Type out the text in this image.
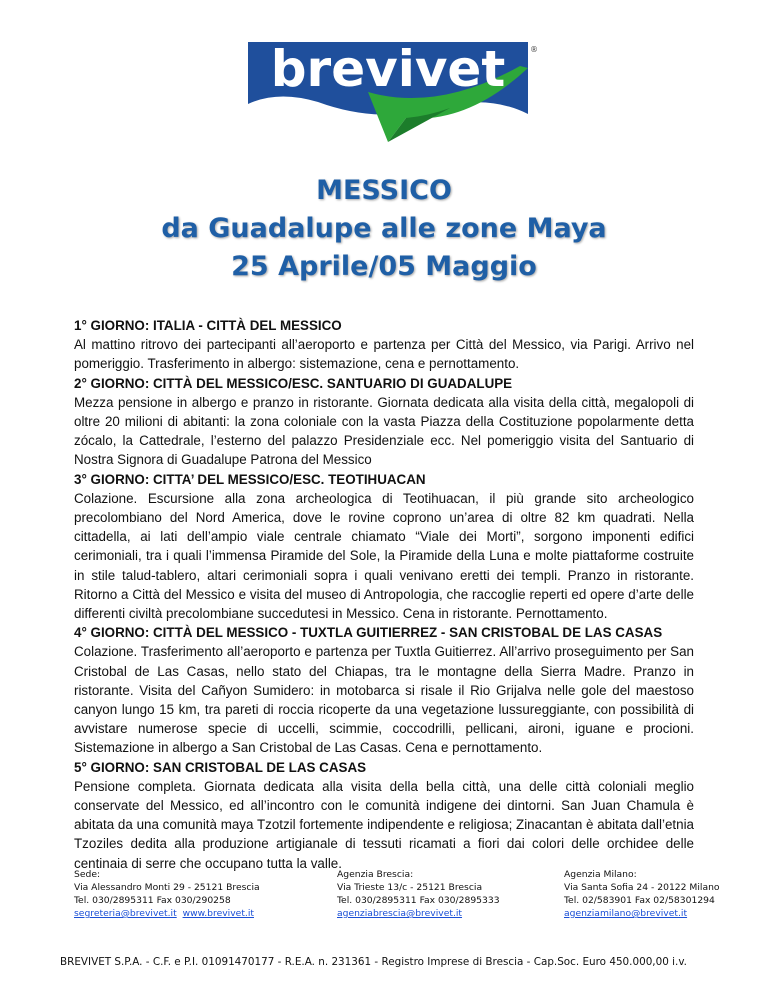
brevivet	®
MESSICO
da Guadalupe alle zone Maya
25 Aprile/05 Maggio
1° GIORNO: ITALIA - CITTÀ DEL MESSICO

Al mattino ritrovo dei partecipanti all’aeroporto e partenza per Città del Messico, via Parigi. Arrivo nel pomeriggio. Trasferimento in albergo: sistemazione, cena e pernottamento.

2° GIORNO: CITTÀ DEL MESSICO/ESC. SANTUARIO DI GUADALUPE

Mezza pensione in albergo e pranzo in ristorante. Giornata dedicata alla visita della città, megalopoli di oltre 20 milioni di abitanti: la zona coloniale con la vasta Piazza della Costituzione popolarmente detta zócalo, la Cattedrale, l’esterno del palazzo Presidenziale ecc. Nel pomeriggio visita del Santuario di Nostra Signora di Guadalupe Patrona del Messico

3° GIORNO: CITTA’ DEL MESSICO/ESC. TEOTIHUACAN

Colazione. Escursione alla zona archeologica di Teotihuacan, il più grande sito archeologico precolombiano del Nord America, dove le rovine coprono un’area di oltre 82 km quadrati. Nella cittadella, ai lati dell’ampio viale centrale chiamato “Viale dei Morti”, sorgono imponenti edifici cerimoniali, tra i quali l’immensa Piramide del Sole, la Piramide della Luna e molte piattaforme costruite in stile talud-tablero, altari cerimoniali sopra i quali venivano eretti dei templi. Pranzo in ristorante. Ritorno a Città del Messico e visita del museo di Antropologia, che raccoglie reperti ed opere d’arte delle differenti civiltà precolombiane succedutesi in Messico. Cena in ristorante. Pernottamento.

4° GIORNO: CITTÀ DEL MESSICO - TUXTLA GUITIERREZ - SAN CRISTOBAL DE LAS CASAS

Colazione. Trasferimento all’aeroporto e partenza per Tuxtla Guitierrez. All’arrivo proseguimento per San Cristobal de Las Casas, nello stato del Chiapas, tra le montagne della Sierra Madre. Pranzo in ristorante. Visita del Cañyon Sumidero: in motobarca si risale il Rio Grijalva nelle gole del maestoso canyon lungo 15 km, tra pareti di roccia ricoperte da una vegetazione lussureggiante, con possibilità di avvistare numerose specie di uccelli, scimmie, coccodrilli, pellicani, aironi, iguane e procioni. Sistemazione in albergo a San Cristobal de Las Casas. Cena e pernottamento.

5° GIORNO: SAN CRISTOBAL DE LAS CASAS

Pensione completa. Giornata dedicata alla visita della bella città, una delle città coloniali meglio conservate del Messico, ed all’incontro con le comunità indigene dei dintorni. San Juan Chamula è abitata da una comunità maya Tzotzil fortemente indipendente e religiosa; Zinacantan è abitata dall’etnia Tzoziles dedita alla produzione artigianale di tessuti ricamati a fiori dai colori delle orchidee delle centinaia di serre che occupano tutta la valle.

Sede:
Via Alessandro Monti 29 - 25121 Brescia
Tel. 030/2895311 Fax 030/290258
segreteria@brevivet.it www.brevivet.it
Agenzia Brescia:
Via Trieste 13/c - 25121 Brescia
Tel. 030/2895311 Fax 030/2895333
agenziabrescia@brevivet.it
Agenzia Milano:
Via Santa Sofia 24 - 20122 Milano
Tel. 02/583901 Fax 02/58301294
agenziamilano@brevivet.it
BREVIVET S.P.A. - C.F. e P.I. 01091470177 - R.E.A. n. 231361 - Registro Imprese di Brescia - Cap.Soc. Euro 450.000,00 i.v.
